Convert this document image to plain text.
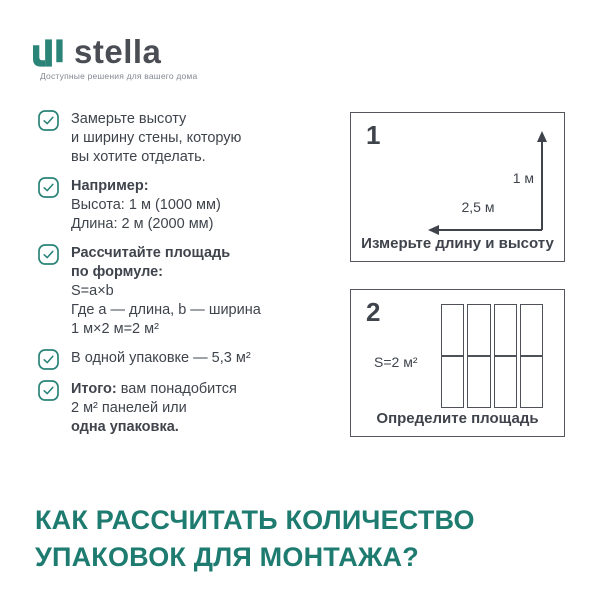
stella
Доступные решения для вашего дома
Замерьте высоту
и ширину стены, которую
вы хотите отделать.
Например:
Высота: 1 м (1000 мм)
Длина: 2 м (2000 мм)
Рассчитайте площадь
по формуле:
S=a×b
Где a — длина, b — ширина
1 м×2 м=2 м²
В одной упаковке — 5,3 м²
Итого: вам понадобится
2 м² панелей или
одна упаковка.
1
1 м
2,5 м
Измерьте длину и высоту
2
S=2 м²
Определите площадь
КАК РАССЧИТАТЬ КОЛИЧЕСТВО
УПАКОВОК ДЛЯ МОНТАЖА?
